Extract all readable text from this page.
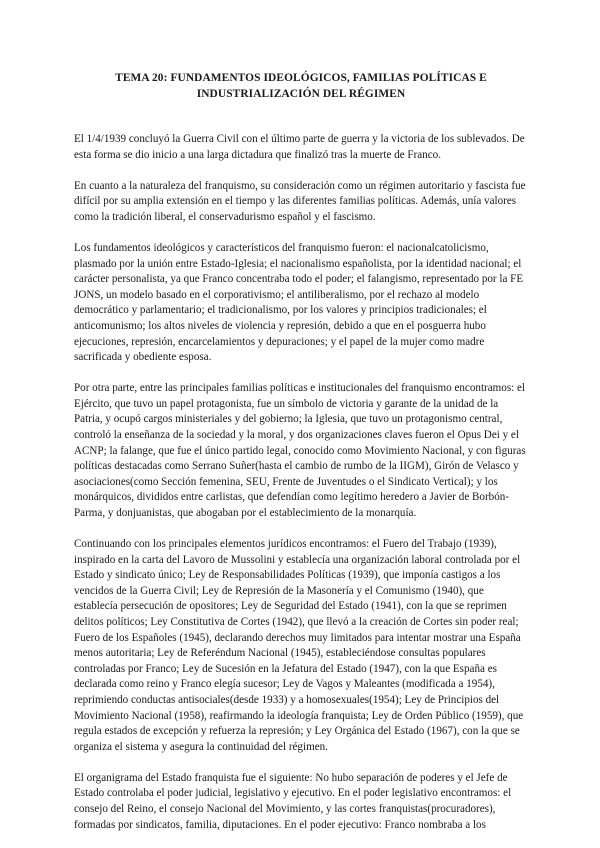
TEMA 20: FUNDAMENTOS IDEOLÓGICOS, FAMILIAS POLÍTICAS E
INDUSTRIALIZACIÓN DEL RÉGIMEN

El 1/4/1939 concluyó la Guerra Civil con el último parte de guerra y la victoria de los sublevados. De esta forma se dio inicio a una larga dictadura que finalizó tras la muerte de Franco.

En cuanto a la naturaleza del franquismo, su consideración como un régimen autoritario y fascista fue difícil por su amplia extensión en el tiempo y las diferentes familias políticas. Además, unía valores como la tradición liberal, el conservadurismo español y el fascismo.

Los fundamentos ideológicos y característicos del franquismo fueron: el nacionalcatolicismo, plasmado por la unión entre Estado-Iglesia; el nacionalismo españolista, por la identidad nacional; el carácter personalista, ya que Franco concentraba todo el poder; el falangismo, representado por la FE JONS, un modelo basado en el corporativismo; el antiliberalismo, por el rechazo al modelo democrático y parlamentario; el tradicionalismo, por los valores y principios tradicionales; el anticomunismo; los altos niveles de violencia y represión, debido a que en el posguerra hubo ejecuciones, represión, encarcelamientos y depuraciones; y el papel de la mujer como madre sacrificada y obediente esposa.

Por otra parte, entre las principales familias políticas e institucionales del franquismo encontramos: el Ejército, que tuvo un papel protagonista, fue un símbolo de victoria y garante de la unidad de la Patria, y ocupó cargos ministeriales y del gobierno; la Iglesia, que tuvo un protagonismo central, controló la enseñanza de la sociedad y la moral, y dos organizaciones claves fueron el Opus Dei y el ACNP; la falange, que fue el único partido legal, conocido como Movimiento Nacional, y con figuras políticas destacadas como Serrano Suñer(hasta el cambio de rumbo de la IIGM), Girón de Velasco y asociaciones(como Sección femenina, SEU, Frente de Juventudes o el Sindicato Vertical); y los monárquicos, divididos entre carlistas, que defendían como legítimo heredero a Javier de Borbón-Parma, y donjuanistas, que abogaban por el establecimiento de la monarquía.

Continuando con los principales elementos jurídicos encontramos: el Fuero del Trabajo (1939), inspirado en la carta del Lavoro de Mussolini y establecía una organización laboral controlada por el Estado y sindicato único; Ley de Responsabilidades Políticas (1939), que imponía castigos a los vencidos de la Guerra Civil; Ley de Represión de la Masonería y el Comunismo (1940), que establecía persecución de opositores; Ley de Seguridad del Estado (1941), con la que se reprimen delitos políticos; Ley Constitutiva de Cortes (1942), que llevó a la creación de Cortes sin poder real; Fuero de los Españoles (1945), declarando derechos muy limitados para intentar mostrar una España menos autoritaria; Ley de Referéndum Nacional (1945), estableciéndose consultas populares controladas por Franco; Ley de Sucesión en la Jefatura del Estado (1947), con la que España es declarada como reino y Franco elegía sucesor; Ley de Vagos y Maleantes (modificada a 1954), reprimiendo conductas antisociales(desde 1933) y a homosexuales(1954); Ley de Principios del Movimiento Nacional (1958), reafirmando la ideología franquista; Ley de Orden Público (1959), que regula estados de excepción y refuerza la represión; y Ley Orgánica del Estado (1967), con la que se organiza el sistema y asegura la continuidad del régimen.

El organigrama del Estado franquista fue el siguiente: No hubo separación de poderes y el Jefe de Estado controlaba el poder judicial, legislativo y ejecutivo. En el poder legislativo encontramos: el consejo del Reino, el consejo Nacional del Movimiento, y las cortes franquistas(procuradores), formadas por sindicatos, familia, diputaciones. En el poder ejecutivo: Franco nombraba a los
